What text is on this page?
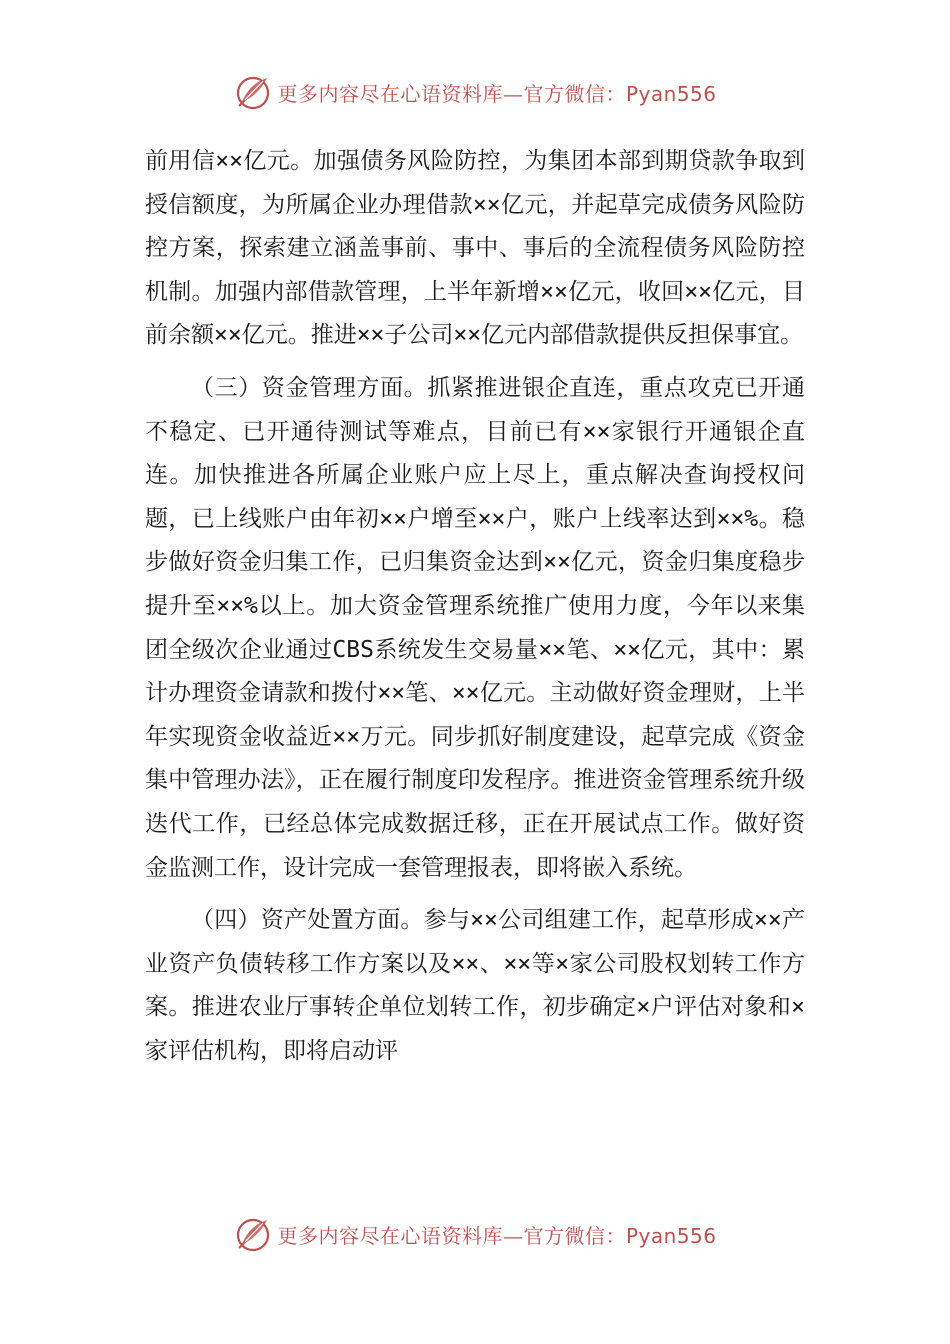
更多内容尽在心语资料库—官方微信：Pyan556

前用信××亿元。加强债务风险防控，为集团本部到期贷款争取到授信额度，为所属企业办理借款××亿元，并起草完成债务风险防控方案，探索建立涵盖事前、事中、事后的全流程债务风险防控机制。加强内部借款管理，上半年新增××亿元，收回××亿元，目前余额××亿元。推进××子公司××亿元内部借款提供反担保事宜。

（三）资金管理方面。抓紧推进银企直连，重点攻克已开通不稳定、已开通待测试等难点，目前已有××家银行开通银企直连。加快推进各所属企业账户应上尽上，重点解决查询授权问题，已上线账户由年初××户增至××户，账户上线率达到××%。稳步做好资金归集工作，已归集资金达到××亿元，资金归集度稳步提升至××%以上。加大资金管理系统推广使用力度，今年以来集团全级次企业通过CBS系统发生交易量××笔、××亿元，其中：累计办理资金请款和拨付××笔、××亿元。主动做好资金理财，上半年实现资金收益近××万元。同步抓好制度建设，起草完成《资金集中管理办法》，正在履行制度印发程序。推进资金管理系统升级迭代工作，已经总体完成数据迁移，正在开展试点工作。做好资金监测工作，设计完成一套管理报表，即将嵌入系统。

（四）资产处置方面。参与××公司组建工作，起草形成××产业资产负债转移工作方案以及××、××等×家公司股权划转工作方案。推进农业厅事转企单位划转工作，初步确定×户评估对象和×家评估机构，即将启动评

更多内容尽在心语资料库—官方微信：Pyan556
